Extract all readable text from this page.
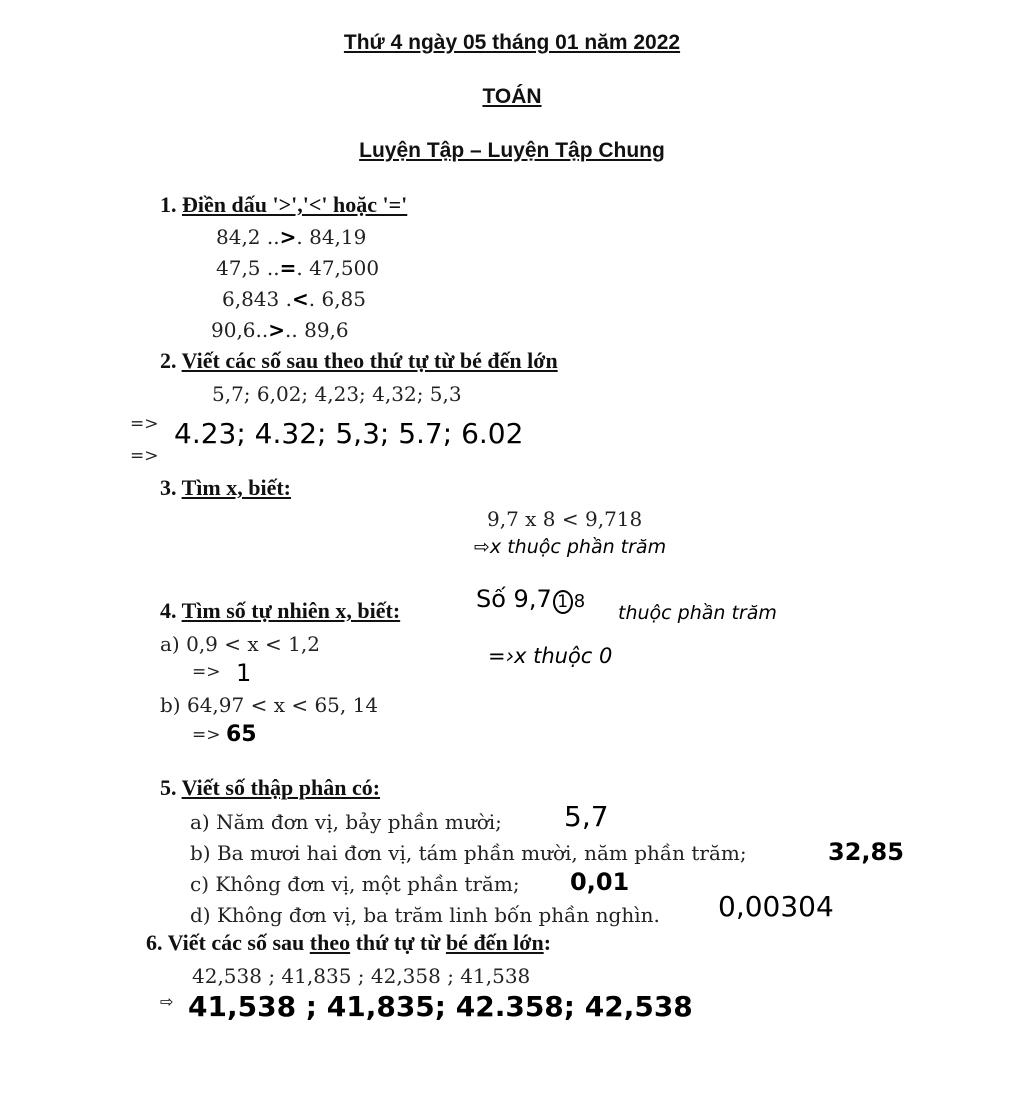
Thứ 4 ngày 05 tháng 01 năm 2022
TOÁN
Luyện Tập – Luyện Tập Chung
1. Điền dấu '>','<' hoặc '='
84,2 ..>. 84,19
47,5 ..=. 47,500
6,843 .<. 6,85
90,6..>.. 89,6
2. Viết các số sau theo thứ tự từ bé đến lớn
5,7; 6,02; 4,23; 4,32; 5,3
=>
=>
4.23; 4.32; 5,3; 5.7; 6.02
3. Tìm x, biết:
9,7 x 8 < 9,718
⇨x thuộc phần trăm
4. Tìm số tự nhiên x, biết:
a) 0,9 < x < 1,2
=> 1
b) 64,97 < x < 65, 14
=> 65
Số 9,7 1 8
thuộc phần trăm
=›x thuộc 0
5. Viết số thập phân có:
a) Năm đơn vị, bảy phần mười; 5,7
b) Ba mươi hai đơn vị, tám phần mười, năm phần trăm;	32,85
c) Không đơn vị, một phần trăm; 0,01
d) Không đơn vị, ba trăm linh bốn phần nghìn. 0,00304
6. Viết các số sau theo thứ tự từ bé đến lớn:
42,538 ; 41,835 ; 42,358 ; 41,538
⇨ 41,538 ; 41,835; 42.358; 42,538
